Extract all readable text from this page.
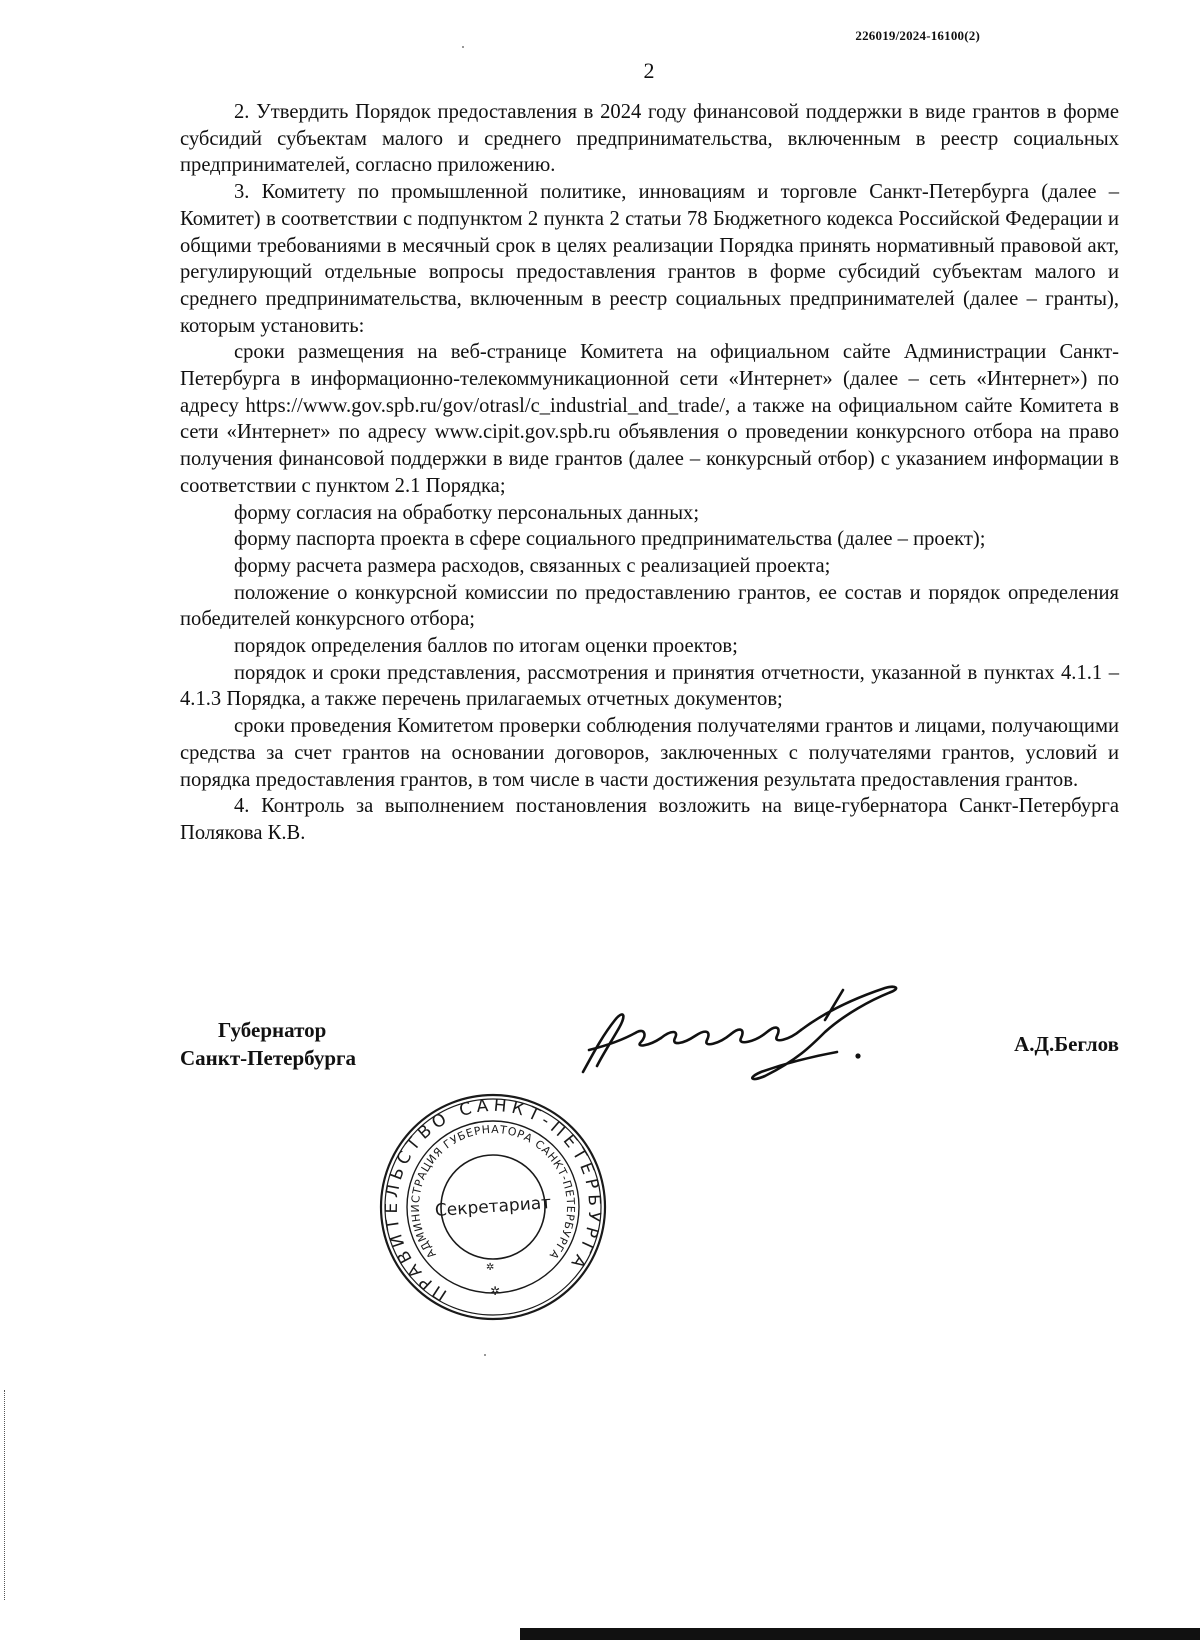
226019/2024-16100(2)
2

2. Утвердить Порядок предоставления в 2024 году финансовой поддержки в виде грантов в форме субсидий субъектам малого и среднего предпринимательства, включенным в реестр социальных предпринимателей, согласно приложению.

3. Комитету по промышленной политике, инновациям и торговле Санкт-Петербурга (далее – Комитет) в соответствии с подпунктом 2 пункта 2 статьи 78 Бюджетного кодекса Российской Федерации и общими требованиями в месячный срок в целях реализации Порядка принять нормативный правовой акт, регулирующий отдельные вопросы предоставления грантов в форме субсидий субъектам малого и среднего предпринимательства, включенным в реестр социальных предпринимателей (далее – гранты), которым установить:

сроки размещения на веб-странице Комитета на официальном сайте Администрации Санкт-Петербурга в информационно-телекоммуникационной сети «Интернет» (далее – сеть «Интернет») по адресу https://www.gov.spb.ru/gov/otrasl/c_industrial_and_trade/, а также на официальном сайте Комитета в сети «Интернет» по адресу www.cipit.gov.spb.ru объявления о проведении конкурсного отбора на право получения финансовой поддержки в виде грантов (далее – конкурсный отбор) с указанием информации в соответствии с пунктом 2.1 Порядка;

форму согласия на обработку персональных данных;

форму паспорта проекта в сфере социального предпринимательства (далее – проект);

форму расчета размера расходов, связанных с реализацией проекта;

положение о конкурсной комиссии по предоставлению грантов, ее состав и порядок определения победителей конкурсного отбора;

порядок определения баллов по итогам оценки проектов;

порядок и сроки представления, рассмотрения и принятия отчетности, указанной в пунктах 4.1.1 – 4.1.3 Порядка, а также перечень прилагаемых отчетных документов;

сроки проведения Комитетом проверки соблюдения получателями грантов и лицами, получающими средства за счет грантов на основании договоров, заключенных с получателями грантов, условий и порядка предоставления грантов, в том числе в части достижения результата предоставления грантов.

4. Контроль за выполнением постановления возложить на вице-губернатора Санкт-Петербурга Полякова К.В.

Губернатор
Санкт-Петербурга
А.Д.Беглов
ПРАВИТЕЛЬСТВО САНКТ-ПЕТЕРБУРГА
АДМИНИСТРАЦИЯ ГУБЕРНАТОРА САНКТ-ПЕТЕРБУРГА
✲
✲
Секретариат
